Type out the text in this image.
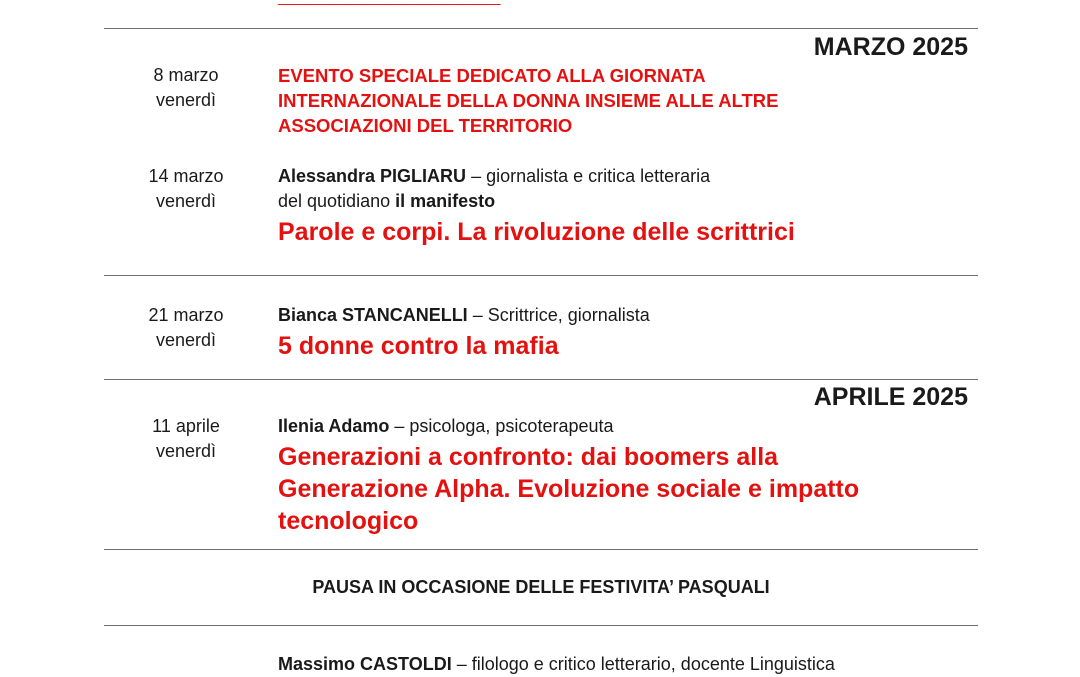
MARZO 2025
8 marzo
venerdì
EVENTO SPECIALE DEDICATO ALLA GIORNATA
INTERNAZIONALE DELLA DONNA INSIEME ALLE ALTRE
ASSOCIAZIONI DEL TERRITORIO
14 marzo
venerdì
Alessandra PIGLIARU – giornalista e critica letteraria
del quotidiano il manifesto
Parole e corpi. La rivoluzione delle scrittrici
21 marzo
venerdì
Bianca STANCANELLI – Scrittrice, giornalista
5 donne contro la mafia
APRILE 2025
11 aprile
venerdì
Ilenia Adamo – psicologa, psicoterapeuta
Generazioni a confronto: dai boomers alla
Generazione Alpha. Evoluzione sociale e impatto
tecnologico
PAUSA IN OCCASIONE DELLE FESTIVITA’ PASQUALI
Massimo CASTOLDI – filologo e critico letterario, docente Linguistica
